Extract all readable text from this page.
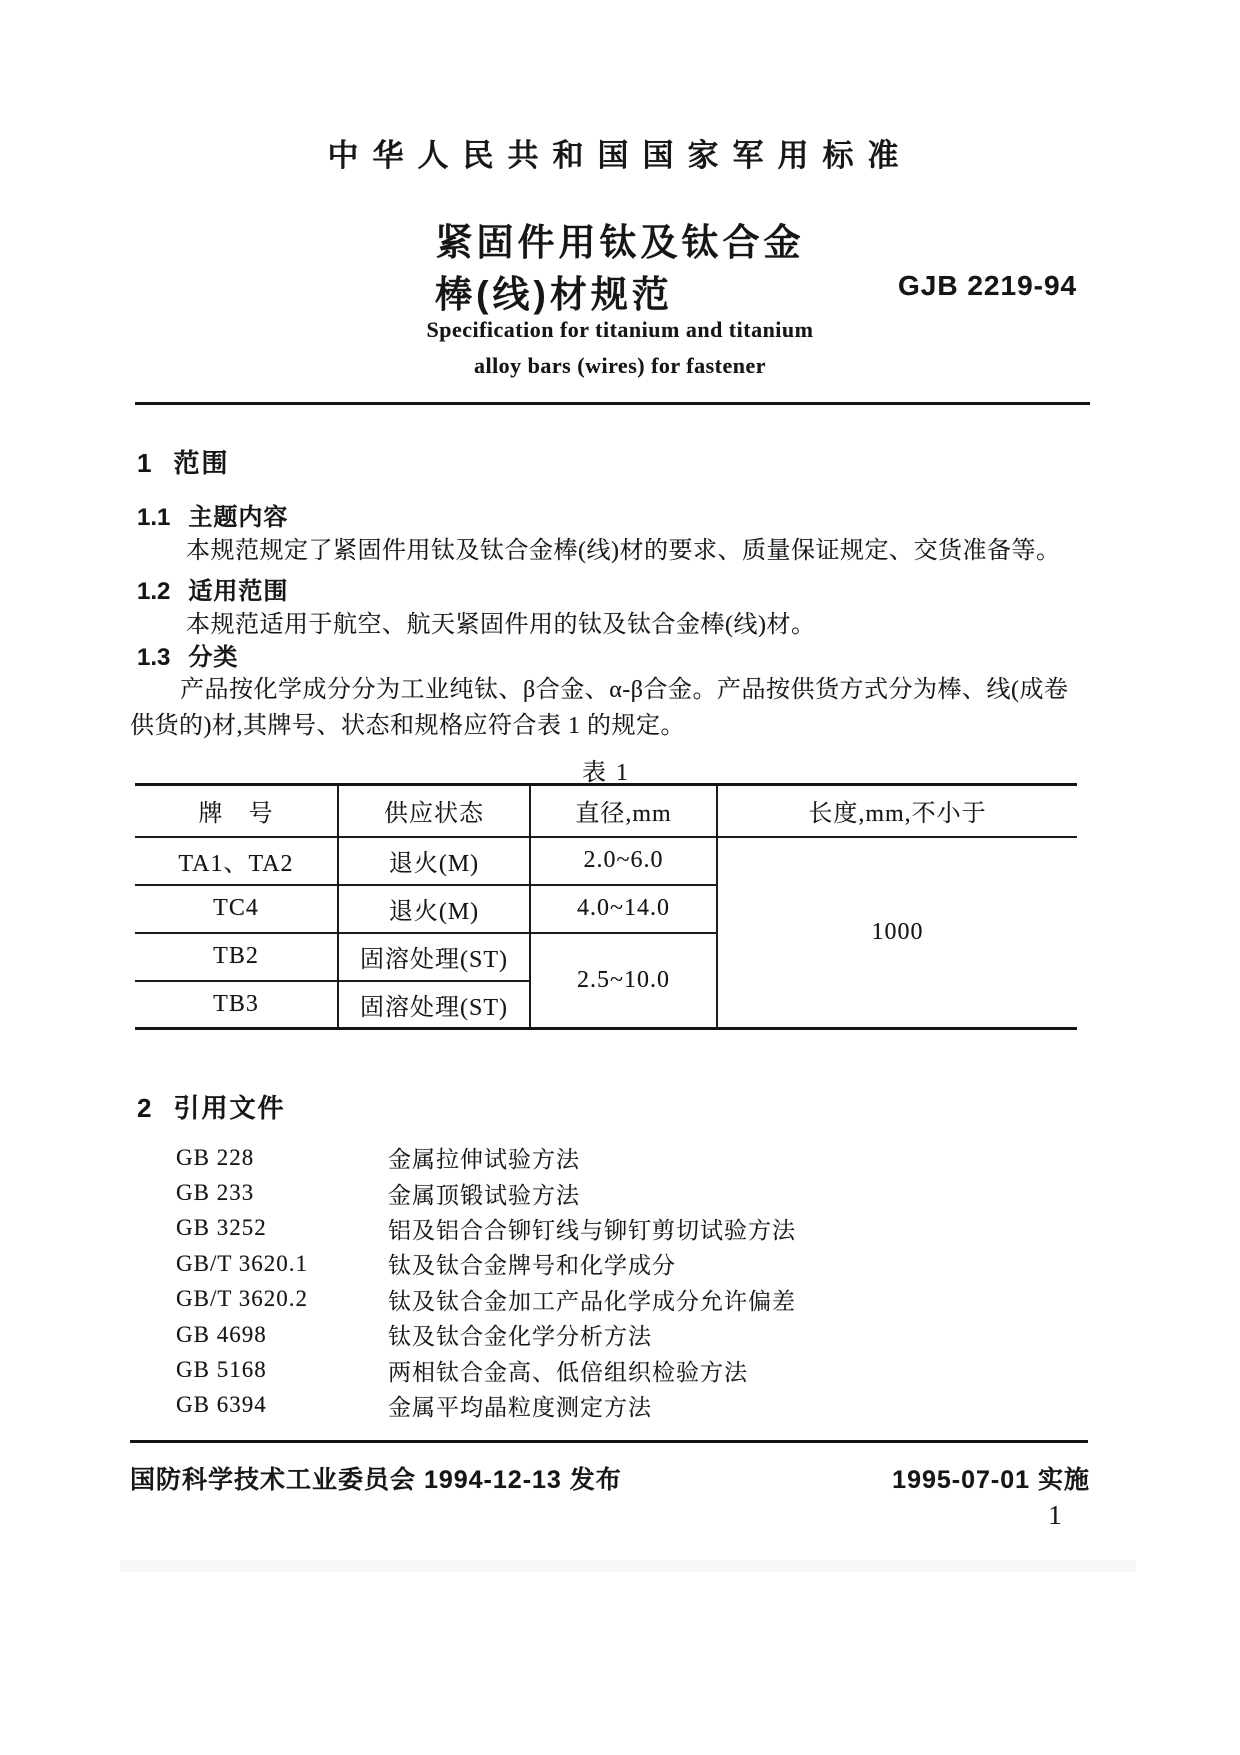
中华人民共和国国家军用标准
紧固件用钛及钛合金
棒(线)材规范	GJB 2219-94
Specification for titanium and titanium
alloy bars (wires) for fastener
1 范围
1.1 主题内容
本规范规定了紧固件用钛及钛合金棒(线)材的要求、质量保证规定、交货准备等。
1.2 适用范围
本规范适用于航空、航天紧固件用的钛及钛合金棒(线)材。
1.3 分类
产品按化学成分分为工业纯钛、β合金、α-β合金。产品按供货方式分为棒、线(成卷供货的)材,其牌号、状态和规格应符合表 1 的规定。
表 1
牌　号	供应状态	直径,mm	长度,mm,不小于
TA1、TA2	退火(M)	2.0~6.0	1000
TC4	退火(M)	4.0~14.0	
TB2	固溶处理(ST)	2.5~10.0	
TB3	固溶处理(ST)		
2 引用文件
GB 228	金属拉伸试验方法
GB 233	金属顶锻试验方法
GB 3252	铝及铝合合铆钉线与铆钉剪切试验方法
GB/T 3620.1	钛及钛合金牌号和化学成分
GB/T 3620.2	钛及钛合金加工产品化学成分允许偏差
GB 4698	钛及钛合金化学分析方法
GB 5168	两相钛合金高、低倍组织检验方法
GB 6394	金属平均晶粒度测定方法
国防科学技术工业委员会 1994-12-13 发布	1995-07-01 实施
1
